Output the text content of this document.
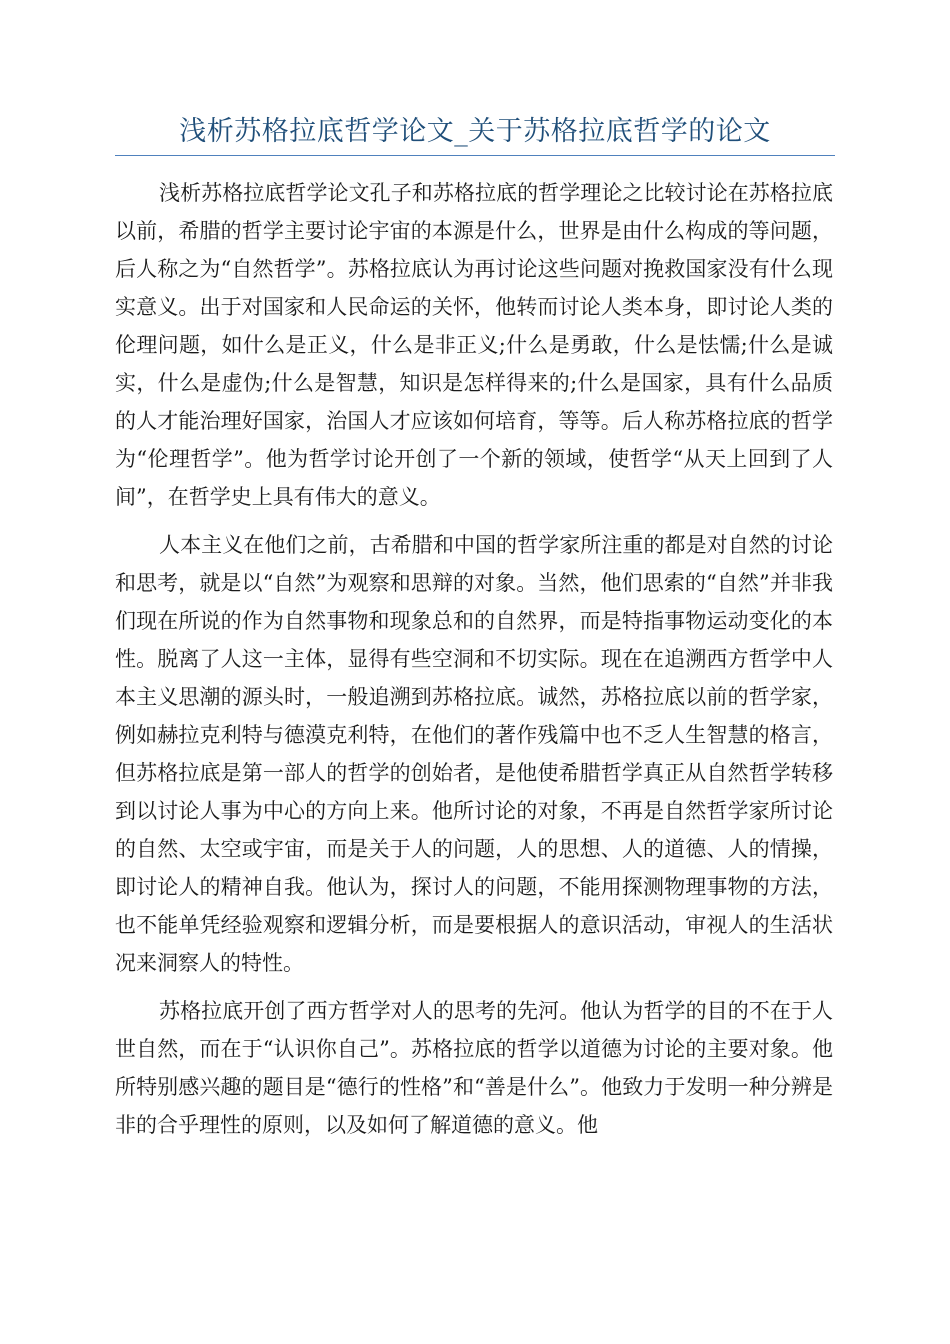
浅析苏格拉底哲学论文_关于苏格拉底哲学的论文

浅析苏格拉底哲学论文孔子和苏格拉底的哲学理论之比较讨论在苏格拉底以前，希腊的哲学主要讨论宇宙的本源是什么，世界是由什么构成的等问题，后人称之为“自然哲学”。苏格拉底认为再讨论这些问题对挽救国家没有什么现实意义。出于对国家和人民命运的关怀，他转而讨论人类本身，即讨论人类的伦理问题，如什么是正义，什么是非正义;什么是勇敢，什么是怯懦;什么是诚实，什么是虚伪;什么是智慧，知识是怎样得来的;什么是国家，具有什么品质的人才能治理好国家，治国人才应该如何培育，等等。后人称苏格拉底的哲学为“伦理哲学”。他为哲学讨论开创了一个新的领域，使哲学“从天上回到了人间”，在哲学史上具有伟大的意义。

人本主义在他们之前，古希腊和中国的哲学家所注重的都是对自然的讨论和思考，就是以“自然”为观察和思辩的对象。当然，他们思索的“自然”并非我们现在所说的作为自然事物和现象总和的自然界，而是特指事物运动变化的本性。脱离了人这一主体，显得有些空洞和不切实际。现在在追溯西方哲学中人本主义思潮的源头时，一般追溯到苏格拉底。诚然，苏格拉底以前的哲学家，例如赫拉克利特与德漠克利特，在他们的著作残篇中也不乏人生智慧的格言，但苏格拉底是第一部人的哲学的创始者，是他使希腊哲学真正从自然哲学转移到以讨论人事为中心的方向上来。他所讨论的对象，不再是自然哲学家所讨论的自然、太空或宇宙，而是关于人的问题，人的思想、人的道德、人的情操，即讨论人的精神自我。他认为，探讨人的问题，不能用探测物理事物的方法，也不能单凭经验观察和逻辑分析，而是要根据人的意识活动，审视人的生活状况来洞察人的特性。

苏格拉底开创了西方哲学对人的思考的先河。他认为哲学的目的不在于人世自然，而在于“认识你自己”。苏格拉底的哲学以道德为讨论的主要对象。他所特别感兴趣的题目是“德行的性格”和“善是什么”。他致力于发明一种分辨是非的合乎理性的原则，以及如何了解道德的意义。他
